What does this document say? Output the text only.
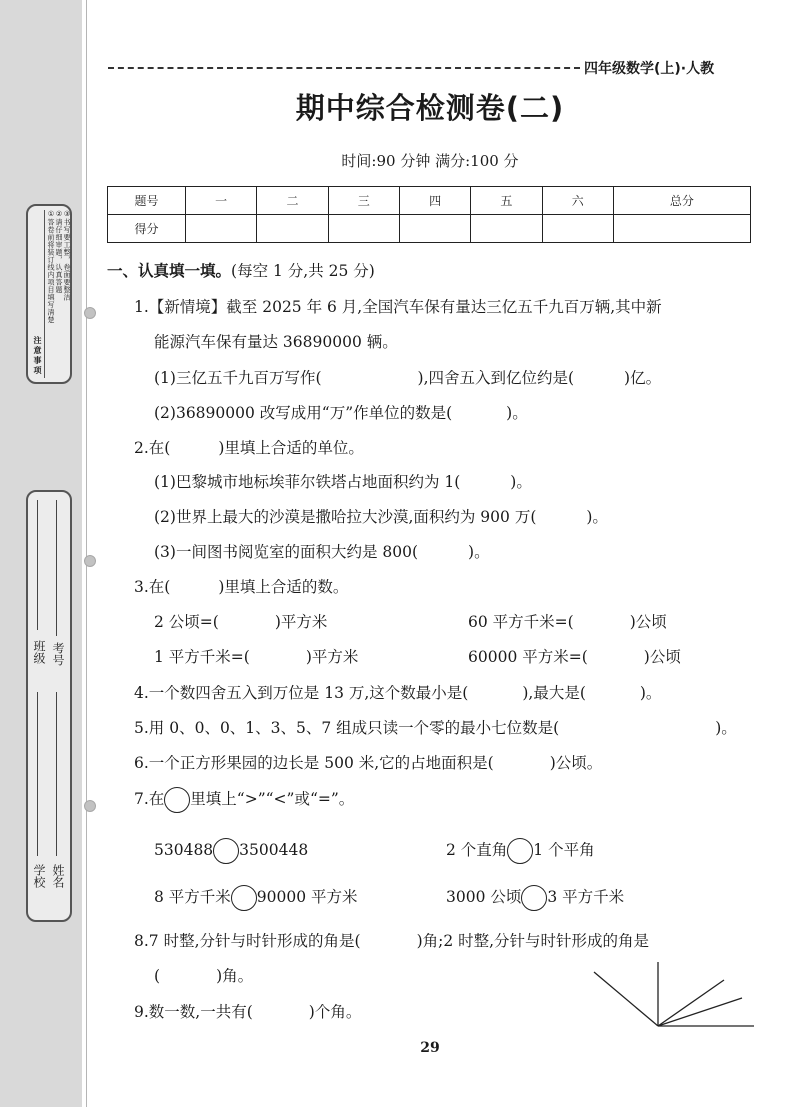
注意事项
①答卷前将装订线内项目填写清楚 ②请仔细审题，认真答题 ③书写要工整，卷面要整洁
班级 考号
学校 姓名
四年级数学(上)·人教
期中综合检测卷(二)
时间:90 分钟 满分:100 分
题号	一	二	三	四	五	六	总分
得分							
一、认真填一填。(每空 1 分,共 25 分)
1.【新情境】截至 2025 年 6 月,全国汽车保有量达三亿五千九百万辆,其中新
能源汽车保有量达 36890000 辆。
(1)三亿五千九百万写作(	),四舍五入到亿位约是(	)亿。
(2)36890000 改写成用“万”作单位的数是(	)。
2.在(	)里填上合适的单位。
(1)巴黎城市地标埃菲尔铁塔占地面积约为 1(	)。
(2)世界上最大的沙漠是撒哈拉大沙漠,面积约为 900 万(	)。
(3)一间图书阅览室的面积大约是 800(	)。
3.在(	)里填上合适的数。
2 公顷=(	)平方米	60 平方千米=(	)公顷
1 平方千米=(	)平方米	60000 平方米=(	)公顷
4.一个数四舍五入到万位是 13 万,这个数最小是(	),最大是(	)。
5.用 0、0、0、1、3、5、7 组成只读一个零的最小七位数是(	)。
6.一个正方形果园的边长是 500 米,它的占地面积是(	)公顷。
7.在 里填上“>”“<”或“=”。
530488 3500448	2 个直角 1 个平角
8 平方千米 90000 平方米	3000 公顷 3 平方千米
8.7 时整,分针与时针形成的角是(	)角;2 时整,分针与时针形成的角是
(	)角。
9.数一数,一共有(	)个角。
29
